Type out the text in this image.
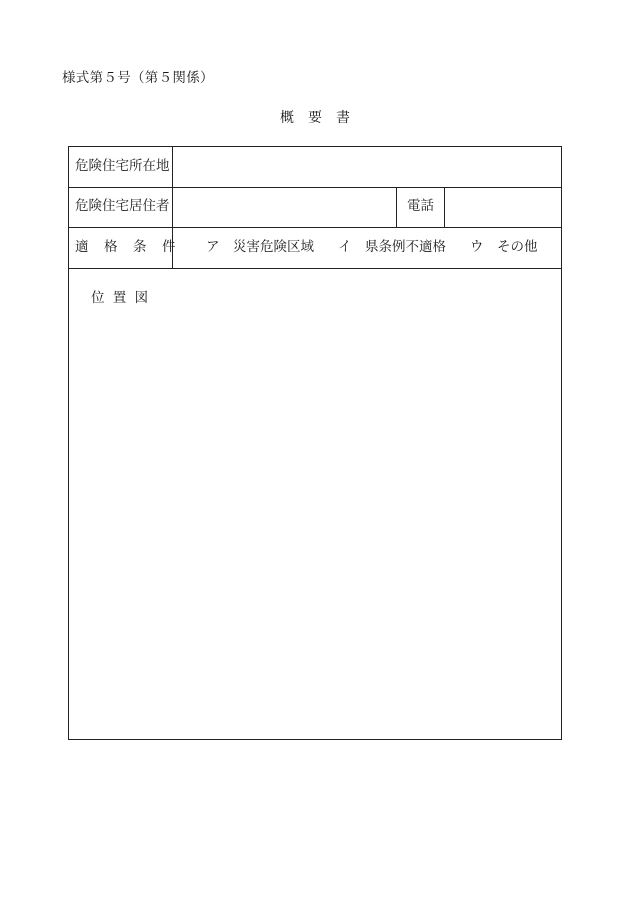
様式第５号（第５関係）
概　要　書
危険住宅所在地
危険住宅居住者	電話
適　格　条　件 ア　災害危険区域 イ　県条例不適格 ウ　その他
位 置 図
